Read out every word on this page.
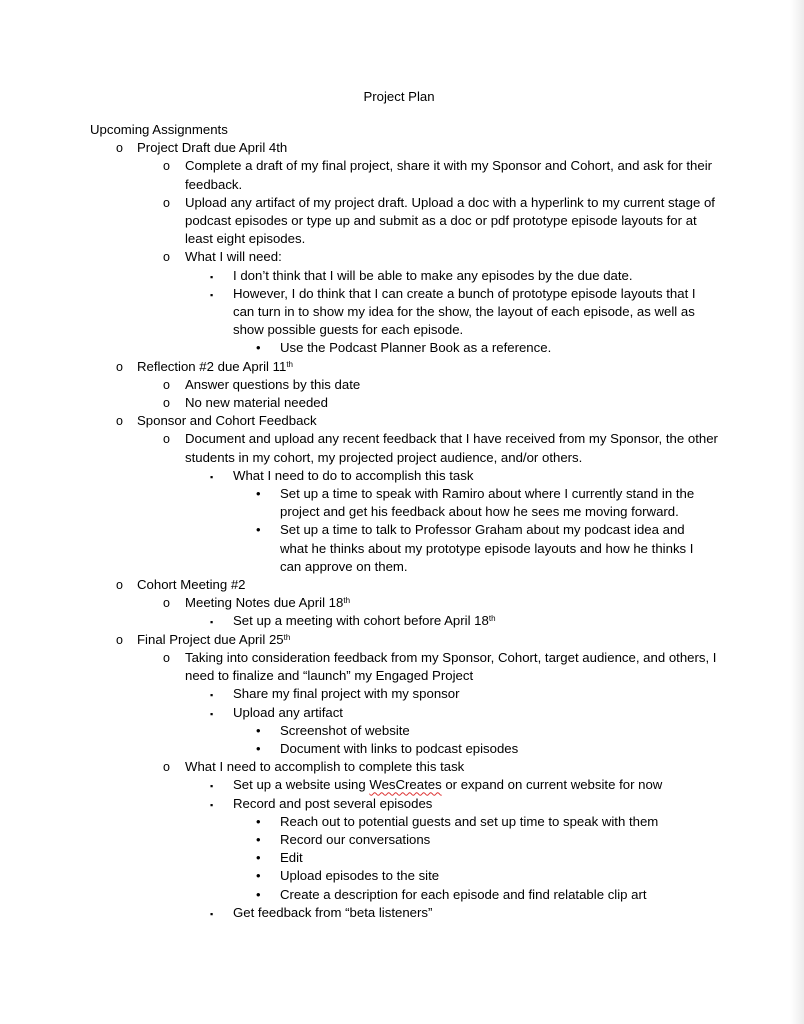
Project Plan
Upcoming Assignments
o Project Draft due April 4th
o Complete a draft of my final project, share it with my Sponsor and Cohort, and ask for their feedback.
o Upload any artifact of my project draft. Upload a doc with a hyperlink to my current stage of podcast episodes or type up and submit as a doc or pdf prototype episode layouts for at least eight episodes.
o What I will need:
▪ I don’t think that I will be able to make any episodes by the due date.
▪ However, I do think that I can create a bunch of prototype episode layouts that I can turn in to show my idea for the show, the layout of each episode, as well as show possible guests for each episode.
• Use the Podcast Planner Book as a reference.
o Reflection #2 due April 11th
o Answer questions by this date
o No new material needed
o Sponsor and Cohort Feedback
o Document and upload any recent feedback that I have received from my Sponsor, the other students in my cohort, my projected project audience, and/or others.
▪ What I need to do to accomplish this task
• Set up a time to speak with Ramiro about where I currently stand in the project and get his feedback about how he sees me moving forward.
• Set up a time to talk to Professor Graham about my podcast idea and what he thinks about my prototype episode layouts and how he thinks I can approve on them.
o Cohort Meeting #2
o Meeting Notes due April 18th
▪ Set up a meeting with cohort before April 18th
o Final Project due April 25th
o Taking into consideration feedback from my Sponsor, Cohort, target audience, and others, I need to finalize and “launch” my Engaged Project
▪ Share my final project with my sponsor
▪ Upload any artifact
• Screenshot of website
• Document with links to podcast episodes
o What I need to accomplish to complete this task
▪ Set up a website using WesCreates or expand on current website for now
▪ Record and post several episodes
• Reach out to potential guests and set up time to speak with them
• Record our conversations
• Edit
• Upload episodes to the site
• Create a description for each episode and find relatable clip art
▪ Get feedback from “beta listeners”
